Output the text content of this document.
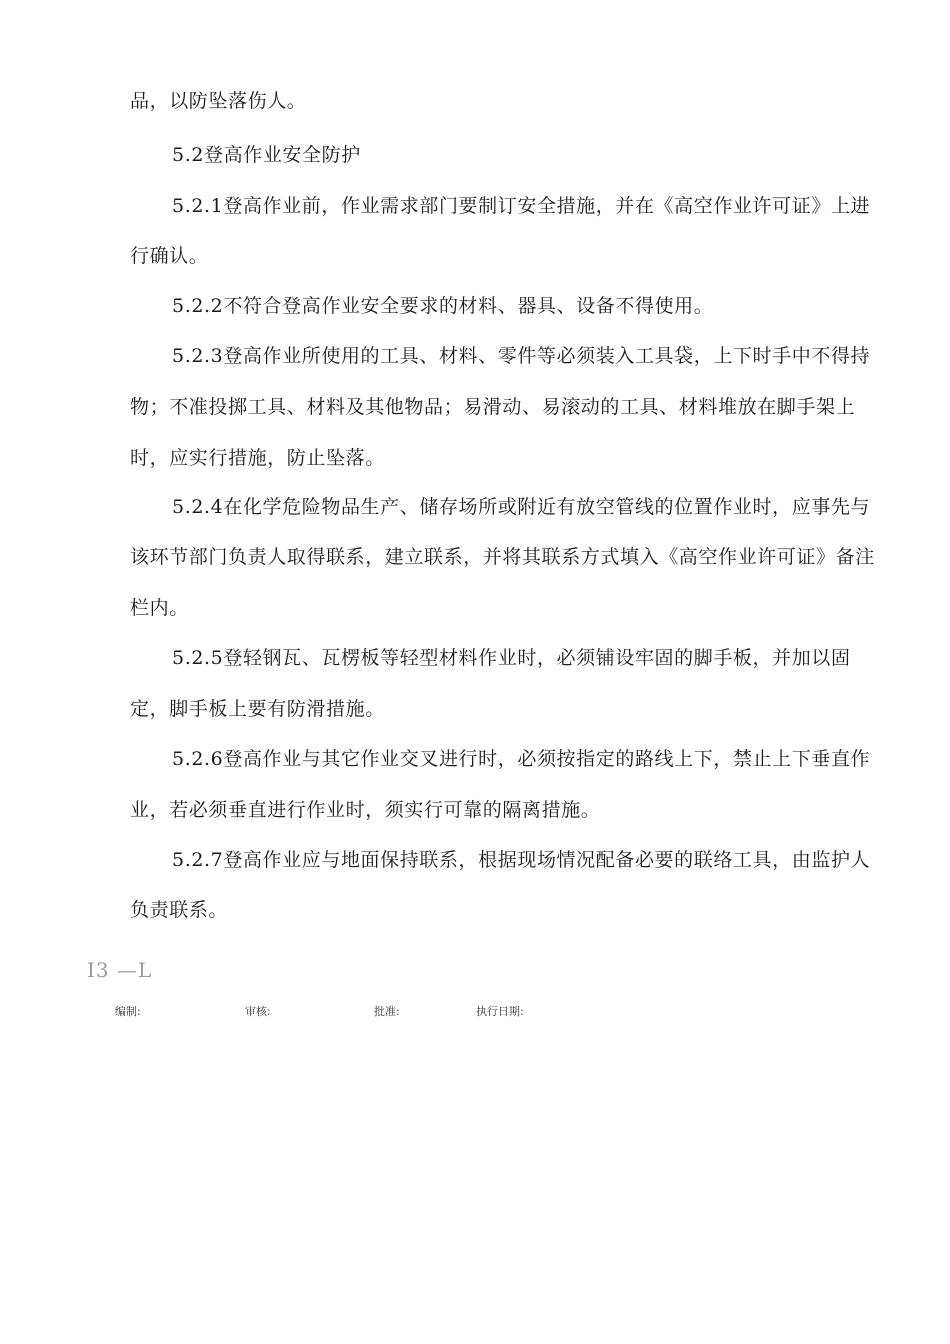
品，以防坠落伤人。
5.2登高作业安全防护
5.2.1登高作业前，作业需求部门要制订安全措施，并在《高空作业许可证》上进
行确认。
5.2.2不符合登高作业安全要求的材料、器具、设备不得使用。
5.2.3登高作业所使用的工具、材料、零件等必须装入工具袋，上下时手中不得持
物；不准投掷工具、材料及其他物品；易滑动、易滚动的工具、材料堆放在脚手架上
时，应实行措施，防止坠落。
5.2.4在化学危险物品生产、储存场所或附近有放空管线的位置作业时，应事先与
该环节部门负责人取得联系，建立联系，并将其联系方式填入《高空作业许可证》备注
栏内。
5.2.5登轻钢瓦、瓦楞板等轻型材料作业时，必须铺设牢固的脚手板，并加以固
定，脚手板上要有防滑措施。
5.2.6登高作业与其它作业交叉进行时，必须按指定的路线上下，禁止上下垂直作
业，若必须垂直进行作业时，须实行可靠的隔离措施。
5.2.7登高作业应与地面保持联系，根据现场情况配备必要的联络工具，由监护人
负责联系。
I3 —L
编制:	审核:	批准:	执行日期:
